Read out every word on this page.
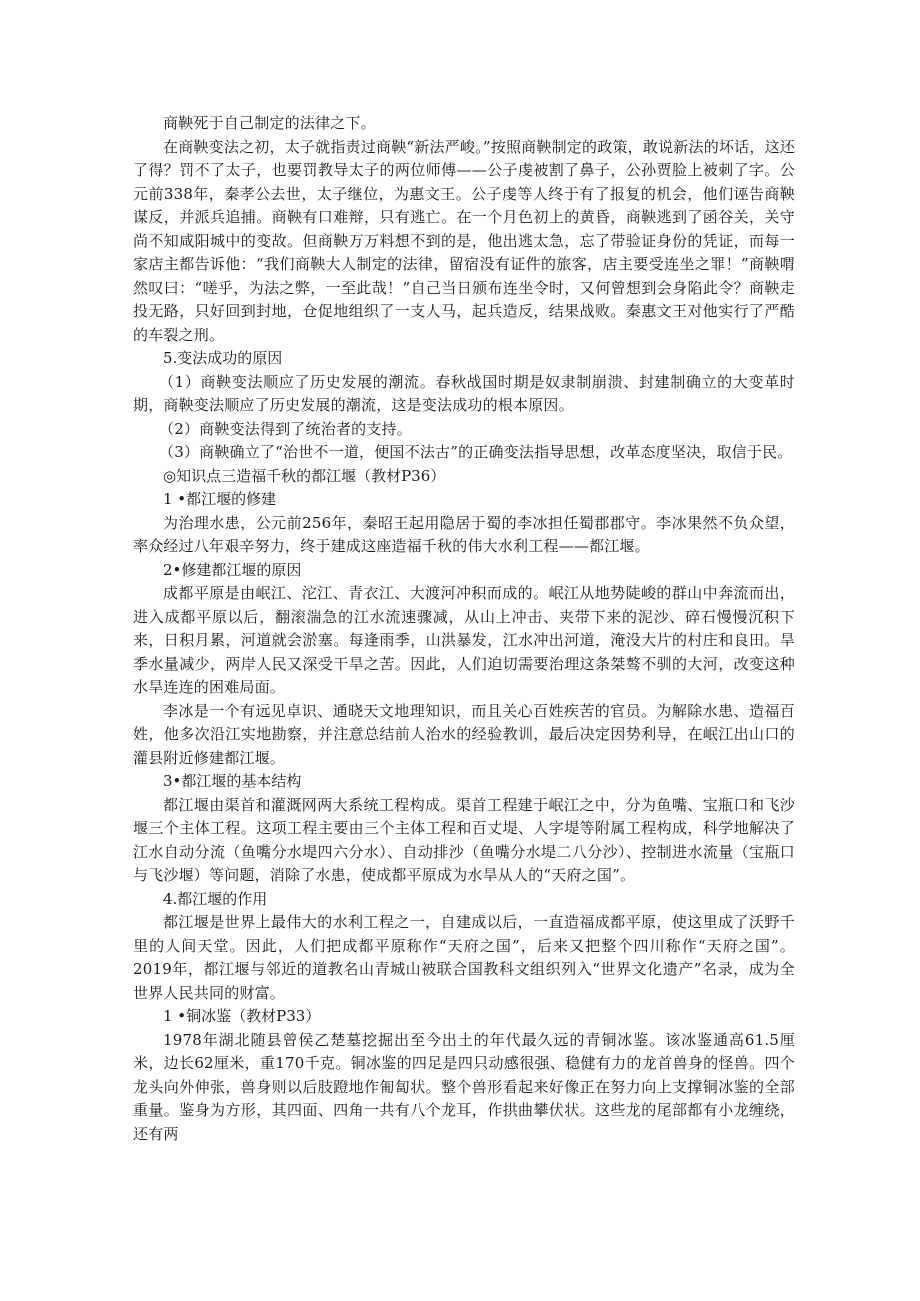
商鞅死于自己制定的法律之下。

在商鞅变法之初，太子就指责过商鞅“新法严峻。”按照商鞅制定的政策，敢说新法的坏话，这还了得？罚不了太子，也要罚教导太子的两位师傅——公子虔被割了鼻子，公孙贾脸上被刺了字。公元前338年，秦孝公去世，太子继位，为惠文王。公子虔等人终于有了报复的机会，他们诬告商鞅谋反，并派兵追捕。商鞅有口难辩，只有逃亡。在一个月色初上的黄昏，商鞅逃到了函谷关，关守尚不知咸阳城中的变故。但商鞅万万料想不到的是，他出逃太急，忘了带验证身份的凭证，而每一家店主都告诉他：“我们商鞅大人制定的法律，留宿没有证件的旅客，店主要受连坐之罪！”商鞅喟然叹曰：“嗟乎，为法之弊，一至此哉！”自己当日颁布连坐令时，又何曾想到会身陷此令？商鞅走投无路，只好回到封地，仓促地组织了一支人马，起兵造反，结果战败。秦惠文王对他实行了严酷的车裂之刑。

5.变法成功的原因

（1）商鞅变法顺应了历史发展的潮流。春秋战国时期是奴隶制崩溃、封建制确立的大变革时期，商鞅变法顺应了历史发展的潮流，这是变法成功的根本原因。

（2）商鞅变法得到了统治者的支持。

（3）商鞅确立了“治世不一道，便国不法古”的正确变法指导思想，改革态度坚决，取信于民。

◎知识点三造福千秋的都江堰（教材P36）

1 •都江堰的修建

为治理水患，公元前256年，秦昭王起用隐居于蜀的李冰担任蜀郡郡守。李冰果然不负众望，率众经过八年艰辛努力，终于建成这座造福千秋的伟大水利工程——都江堰。

2•修建都江堰的原因

成都平原是由岷江、沱江、青衣江、大渡河冲积而成的。岷江从地势陡峻的群山中奔流而出，进入成都平原以后，翻滚湍急的江水流速骤减，从山上冲击、夹带下来的泥沙、碎石慢慢沉积下来，日积月累，河道就会淤塞。每逢雨季，山洪暴发，江水冲出河道，淹没大片的村庄和良田。旱季水量减少，两岸人民又深受干旱之苦。因此，人们迫切需要治理这条桀骜不驯的大河，改变这种水旱连连的困难局面。

李冰是一个有远见卓识、通晓天文地理知识，而且关心百姓疾苦的官员。为解除水患、造福百姓，他多次沿江实地勘察，并注意总结前人治水的经验教训，最后决定因势利导，在岷江出山口的灌县附近修建都江堰。

3•都江堰的基本结构

都江堰由渠首和灌溉网两大系统工程构成。渠首工程建于岷江之中，分为鱼嘴、宝瓶口和飞沙堰三个主体工程。这项工程主要由三个主体工程和百丈堤、人字堤等附属工程构成，科学地解决了江水自动分流（鱼嘴分水堤四六分水）、自动排沙（鱼嘴分水堤二八分沙）、控制进水流量（宝瓶口与飞沙堰）等问题，消除了水患，使成都平原成为水旱从人的“天府之国”。

4.都江堰的作用

都江堰是世界上最伟大的水利工程之一，自建成以后，一直造福成都平原，使这里成了沃野千里的人间天堂。因此，人们把成都平原称作“天府之国”，后来又把整个四川称作“天府之国”。2019年，都江堰与邻近的道教名山青城山被联合国教科文组织列入“世界文化遗产”名录，成为全世界人民共同的财富。

1 •铜冰鉴（教材P33）

1978年湖北随县曾侯乙楚墓挖掘出至今出土的年代最久远的青铜冰鉴。该冰鉴通高61.5厘米，边长62厘米，重170千克。铜冰鉴的四足是四只动感很强、稳健有力的龙首兽身的怪兽。四个龙头向外伸张，兽身则以后肢蹬地作匍匐状。整个兽形看起来好像正在努力向上支撑铜冰鉴的全部重量。鉴身为方形，其四面、四角一共有八个龙耳，作拱曲攀伏状。这些龙的尾部都有小龙缠绕，还有两
